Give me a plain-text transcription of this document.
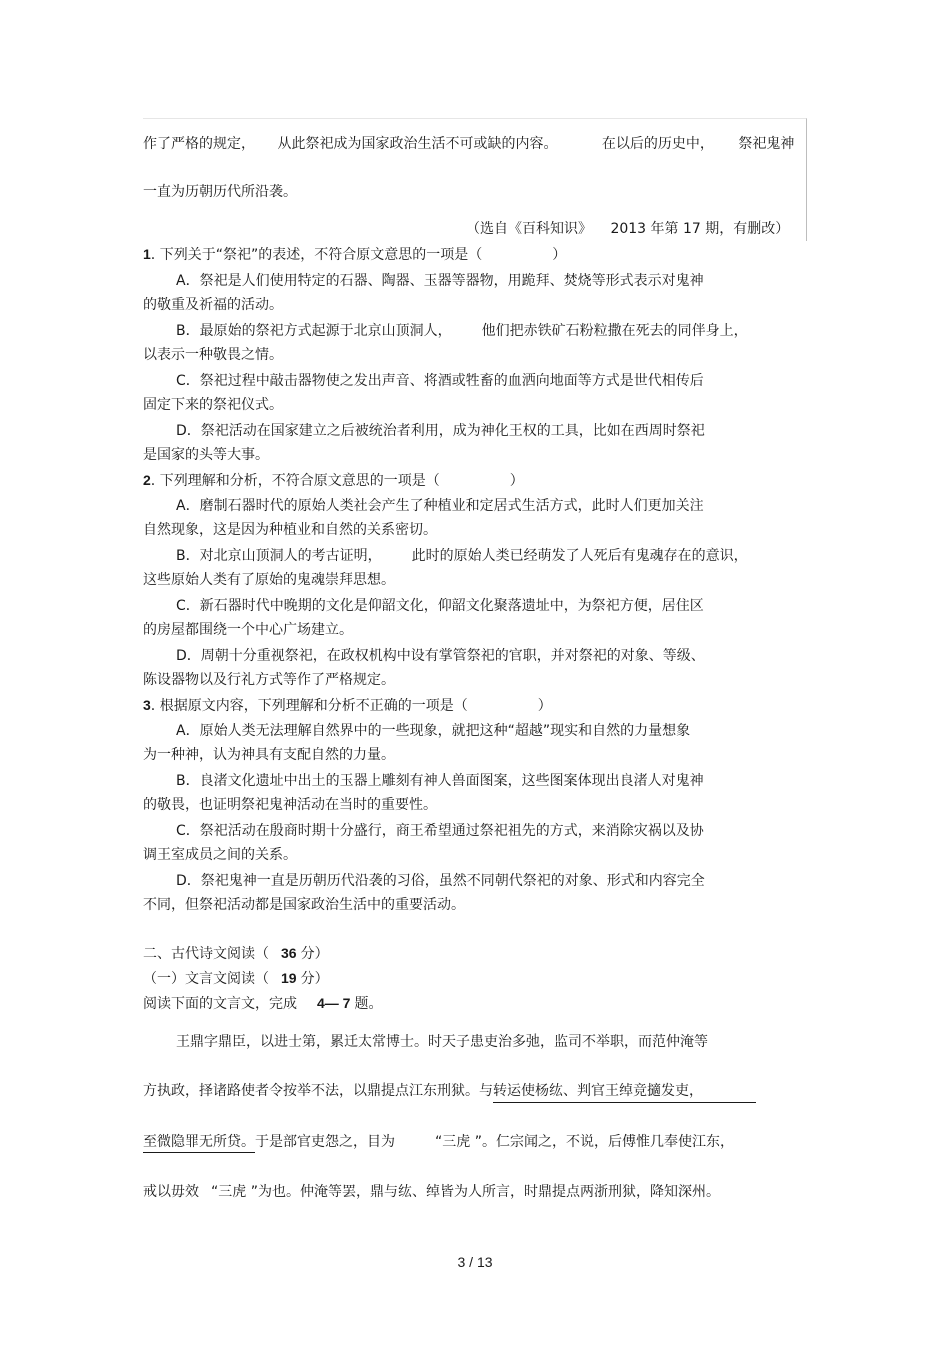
作了严格的规定， 从此祭祀成为国家政治生活不可或缺的内容。	在以后的历史中， 祭祀鬼神
一直为历朝历代所沿袭。
（选自《百科知识》 2013 年第 17 期，有删改）
1. 下列关于“祭祀”的表述，不符合原文意思的一项是（	）
A．祭祀是人们使用特定的石器、陶器、玉器等器物，用跪拜、焚烧等形式表示对鬼神
的敬重及祈福的活动。
B．最原始的祭祀方式起源于北京山顶洞人， 他们把赤铁矿石粉粒撒在死去的同伴身上，
以表示一种敬畏之情。
C．祭祀过程中敲击器物使之发出声音、将酒或牲畜的血洒向地面等方式是世代相传后
固定下来的祭祀仪式。
D．祭祀活动在国家建立之后被统治者利用，成为神化王权的工具，比如在西周时祭祀
是国家的头等大事。
2. 下列理解和分析，不符合原文意思的一项是（	）
A．磨制石器时代的原始人类社会产生了种植业和定居式生活方式，此时人们更加关注
自然现象，这是因为种植业和自然的关系密切。
B．对北京山顶洞人的考古证明， 此时的原始人类已经萌发了人死后有鬼魂存在的意识，
这些原始人类有了原始的鬼魂崇拜思想。
C．新石器时代中晚期的文化是仰韶文化，仰韶文化聚落遗址中，为祭祀方便，居住区
的房屋都围绕一个中心广场建立。
D．周朝十分重视祭祀，在政权机构中设有掌管祭祀的官职，并对祭祀的对象、等级、
陈设器物以及行礼方式等作了严格规定。
3. 根据原文内容，下列理解和分析不正确的一项是（	）
A．原始人类无法理解自然界中的一些现象，就把这种“超越”现实和自然的力量想象
为一种神，认为神具有支配自然的力量。
B．良渚文化遗址中出土的玉器上雕刻有神人兽面图案，这些图案体现出良渚人对鬼神
的敬畏，也证明祭祀鬼神活动在当时的重要性。
C．祭祀活动在殷商时期十分盛行，商王希望通过祭祀祖先的方式，来消除灾祸以及协
调王室成员之间的关系。
D．祭祀鬼神一直是历朝历代沿袭的习俗，虽然不同朝代祭祀的对象、形式和内容完全
不同，但祭祀活动都是国家政治生活中的重要活动。
二、古代诗文阅读（ 36 分）
（一）文言文阅读（ 19 分）
阅读下面的文言文，完成 4— 7 题。
王鼎字鼎臣，以进士第，累迁太常博士。时天子患吏治多弛，监司不举职，而范仲淹等
方执政，择诸路使者令按举不法，以鼎提点江东刑狱。与转运使杨纮、判官王绰竞擿发吏，
至微隐罪无所贷。于是部官吏怨之，目为	“三虎 ”。仁宗闻之，不说，后傅惟几奉使江东，
戒以毋效 “三虎 ”为也。仲淹等罢，鼎与纮、绰皆为人所言，时鼎提点两浙刑狱，降知深州。
3 / 13
